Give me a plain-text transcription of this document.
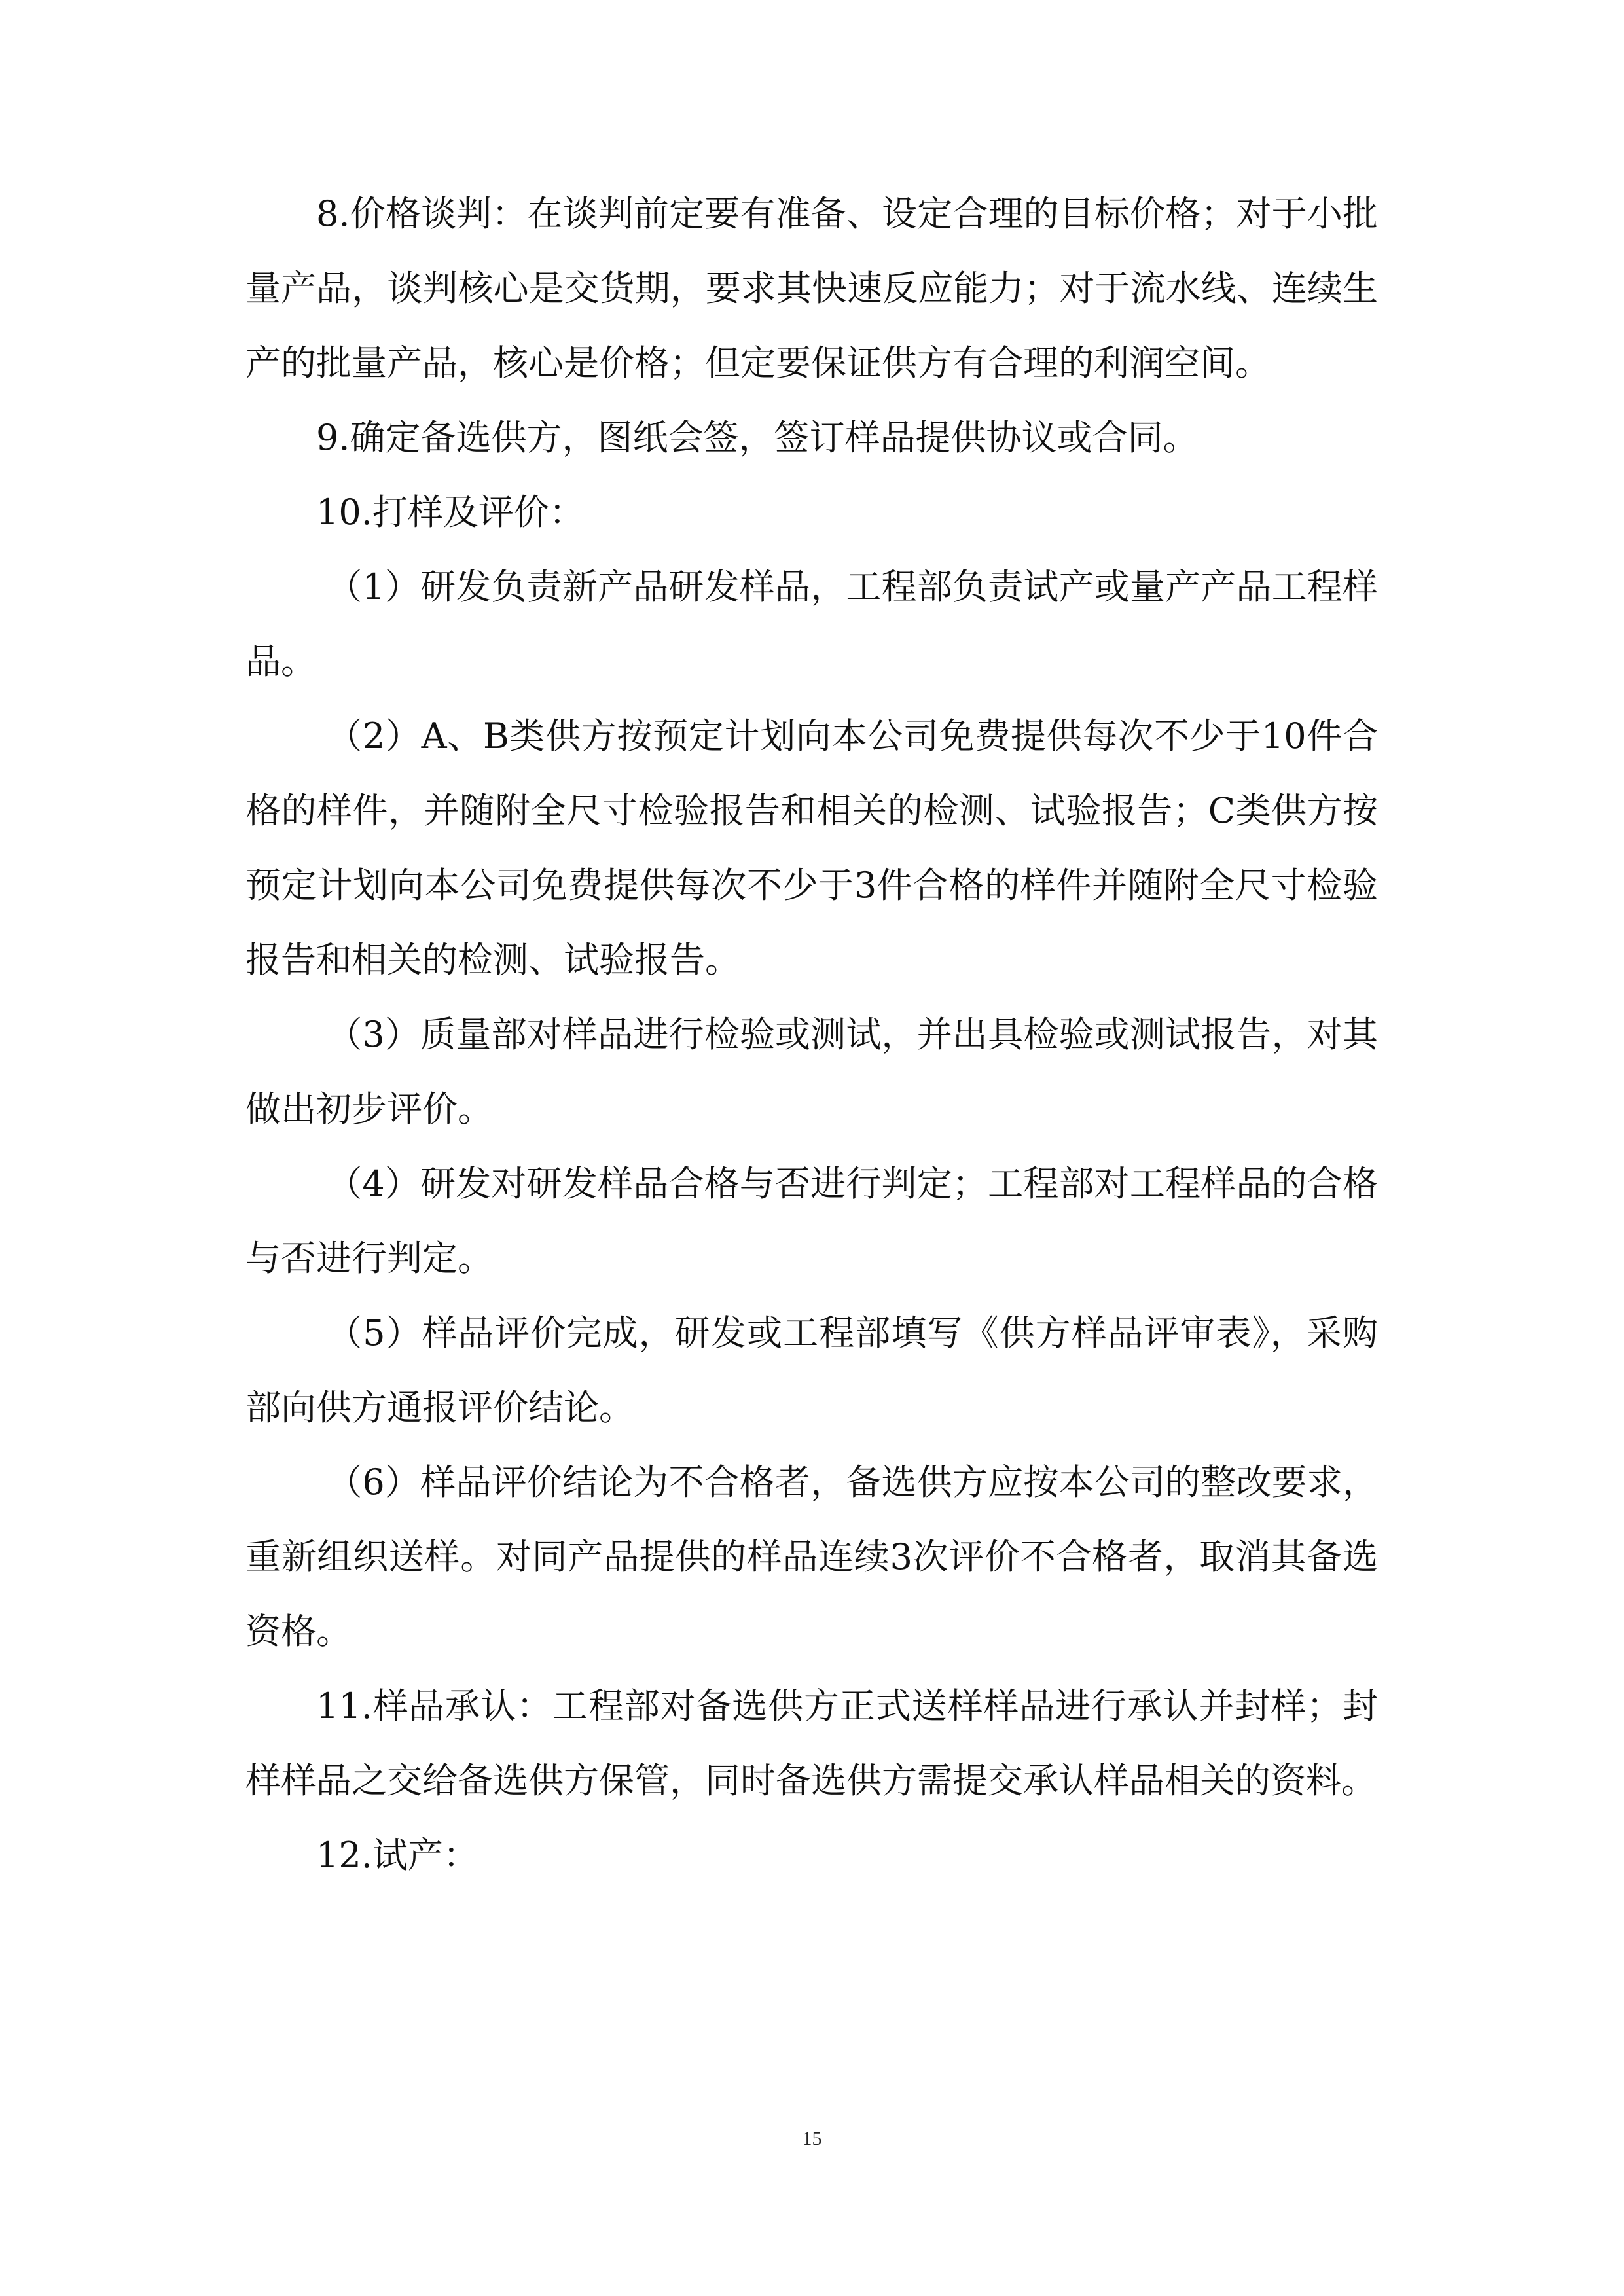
8.价格谈判：在谈判前定要有准备、设定合理的目标价格；对于小批量产品，谈判核心是交货期，要求其快速反应能力；对于流水线、连续生产的批量产品，核心是价格；但定要保证供方有合理的利润空间。

9.确定备选供方，图纸会签，签订样品提供协议或合同。

10.打样及评价：

（1）研发负责新产品研发样品，工程部负责试产或量产产品工程样品。

（2）A、B类供方按预定计划向本公司免费提供每次不少于10件合格的样件，并随附全尺寸检验报告和相关的检测、试验报告；C类供方按预定计划向本公司免费提供每次不少于3件合格的样件并随附全尺寸检验报告和相关的检测、试验报告。

（3）质量部对样品进行检验或测试，并出具检验或测试报告，对其做出初步评价。

（4）研发对研发样品合格与否进行判定；工程部对工程样品的合格与否进行判定。

（5）样品评价完成，研发或工程部填写《供方样品评审表》，采购部向供方通报评价结论。

（6）样品评价结论为不合格者，备选供方应按本公司的整改要求，重新组织送样。对同产品提供的样品连续3次评价不合格者，取消其备选资格。

11.样品承认：工程部对备选供方正式送样样品进行承认并封样；封样样品之交给备选供方保管，同时备选供方需提交承认样品相关的资料。

12.试产：

15
